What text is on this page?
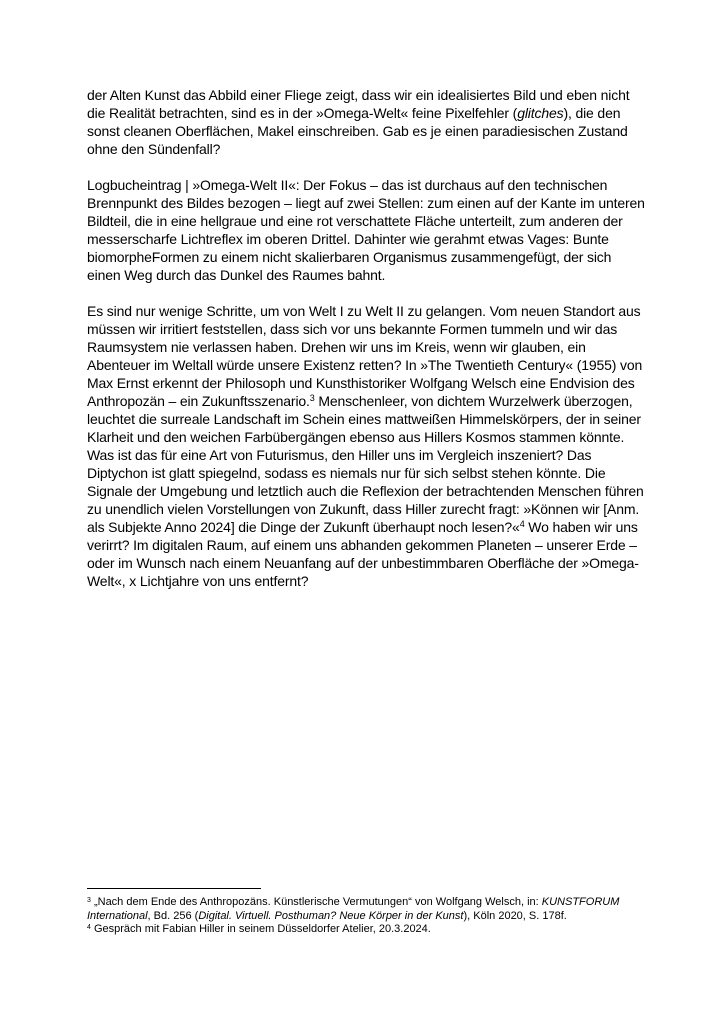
der Alten Kunst das Abbild einer Fliege zeigt, dass wir ein idealisiertes Bild und eben nicht die Realität betrachten, sind es in der »Omega-Welt« feine Pixelfehler (glitches), die den sonst cleanen Oberflächen, Makel einschreiben. Gab es je einen paradiesischen Zustand ohne den Sündenfall?

Logbucheintrag | »Omega-Welt II«: Der Fokus – das ist durchaus auf den technischen Brennpunkt des Bildes bezogen – liegt auf zwei Stellen: zum einen auf der Kante im unteren Bildteil, die in eine hellgraue und eine rot verschattete Fläche unterteilt, zum anderen der messerscharfe Lichtreflex im oberen Drittel. Dahinter wie gerahmt etwas Vages: Bunte biomorpheFormen zu einem nicht skalierbaren Organismus zusammengefügt, der sich einen Weg durch das Dunkel des Raumes bahnt.

Es sind nur wenige Schritte, um von Welt I zu Welt II zu gelangen. Vom neuen Standort aus müssen wir irritiert feststellen, dass sich vor uns bekannte Formen tummeln und wir das Raumsystem nie verlassen haben. Drehen wir uns im Kreis, wenn wir glauben, ein Abenteuer im Weltall würde unsere Existenz retten? In »The Twentieth Century« (1955) von Max Ernst erkennt der Philosoph und Kunsthistoriker Wolfgang Welsch eine Endvision des Anthropozän – ein Zukunftsszenario.$^3$ Menschenleer, von dichtem Wurzelwerk überzogen, leuchtet die surreale Landschaft im Schein eines mattweißen Himmelskörpers, der in seiner Klarheit und den weichen Farbübergängen ebenso aus Hillers Kosmos stammen könnte.

Was ist das für eine Art von Futurismus, den Hiller uns im Vergleich inszeniert? Das Diptychon ist glatt spiegelnd, sodass es niemals nur für sich selbst stehen könnte. Die Signale der Umgebung und letztlich auch die Reflexion der betrachtenden Menschen führen zu unendlich vielen Vorstellungen von Zukunft, dass Hiller zurecht fragt: »Können wir [Anm. als Subjekte Anno 2024] die Dinge der Zukunft überhaupt noch lesen?«$^4$ Wo haben wir uns verirrt? Im digitalen Raum, auf einem uns abhanden gekommen Planeten – unserer Erde – oder im Wunsch nach einem Neuanfang auf der unbestimmbaren Oberfläche der »Omega-Welt«, x Lichtjahre von uns entfernt?

$^3$ „Nach dem Ende des Anthropozäns. Künstlerische Vermutungen“ von Wolfgang Welsch, in: KUNSTFORUM International, Bd. 256 (Digital. Virtuell. Posthuman? Neue Körper in der Kunst), Köln 2020, S. 178f.

$^4$ Gespräch mit Fabian Hiller in seinem Düsseldorfer Atelier, 20.3.2024.
